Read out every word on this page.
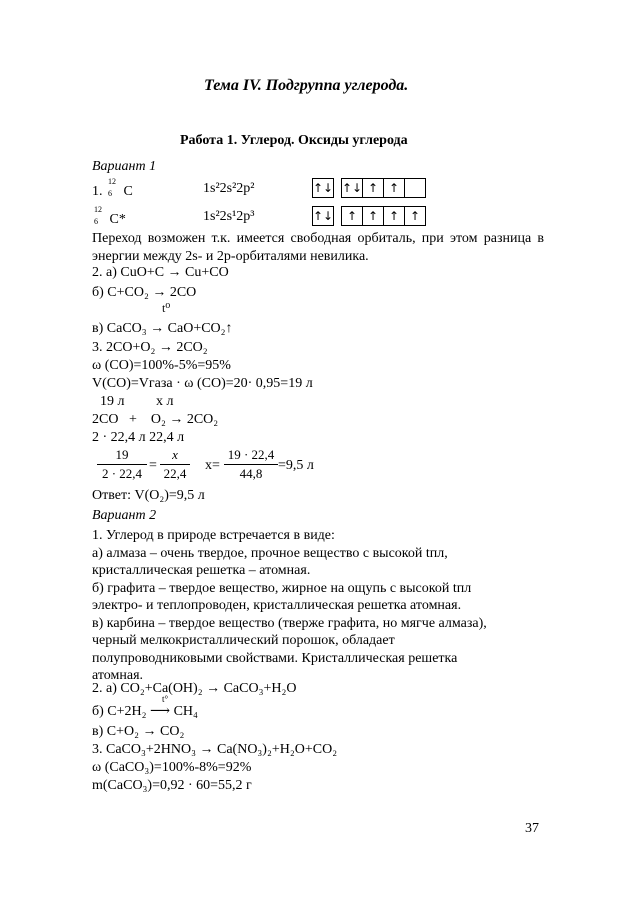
Тема IV. Подгруппа углерода.
Работа 1. Углерод. Оксиды углерода
Вариант 1
1.
12
6 C	1s²2s²2p²	↑↓ ↑↓ ↑ ↑
12
6 C*	1s²2s¹2p³	↑↓	↑ ↑ ↑ ↑
Переход возможен т.к. имеется свободная орбиталь, при этом разница в энергии между 2s- и 2p-орбиталями невилика.
2. а) CuO+C → Cu+CO
б) C+CO₂ → 2CO
t⁰
в) CaCO₃ → CaO+CO₂↑
3. 2CO+O₂ → 2CO₂
ω (CO)=100%-5%=95%
V(CO)=Vгаза · ω (CO)=20· 0,95=19 л
19 л         х л
2CO   +    O₂ → 2CO₂
2 · 22,4 л 22,4 л
19
2 · 22,4
=
x
22,4
x=
19 · 22,4
44,8
=9,5 л
Ответ: V(O₂)=9,5 л
Вариант 2
1. Углерод в природе встречается в виде:
а) алмаза – очень твердое, прочное вещество с высокой tпл,
кристаллическая решетка – атомная.
б) графита – твердое вещество, жирное на ощупь с высокой tпл
электро- и теплопроводен, кристаллическая решетка атомная.
в) карбина – твердое вещество (тверже графита, но мягче алмаза),
черный мелкокристаллический порошок, обладает
полупроводниковыми свойствами. Кристаллическая решетка
атомная.
2. а) CO₂+Ca(OH)₂ → CaCO₃+H₂O
б) C+2H₂
t°
⟶ CH₄
в) C+O₂ → CO₂
3. CaCO₃+2HNO₃ → Ca(NO₃)₂+H₂O+CO₂
ω (CaCO₃)=100%-8%=92%
m(CaCO₃)=0,92 · 60=55,2 г
37
